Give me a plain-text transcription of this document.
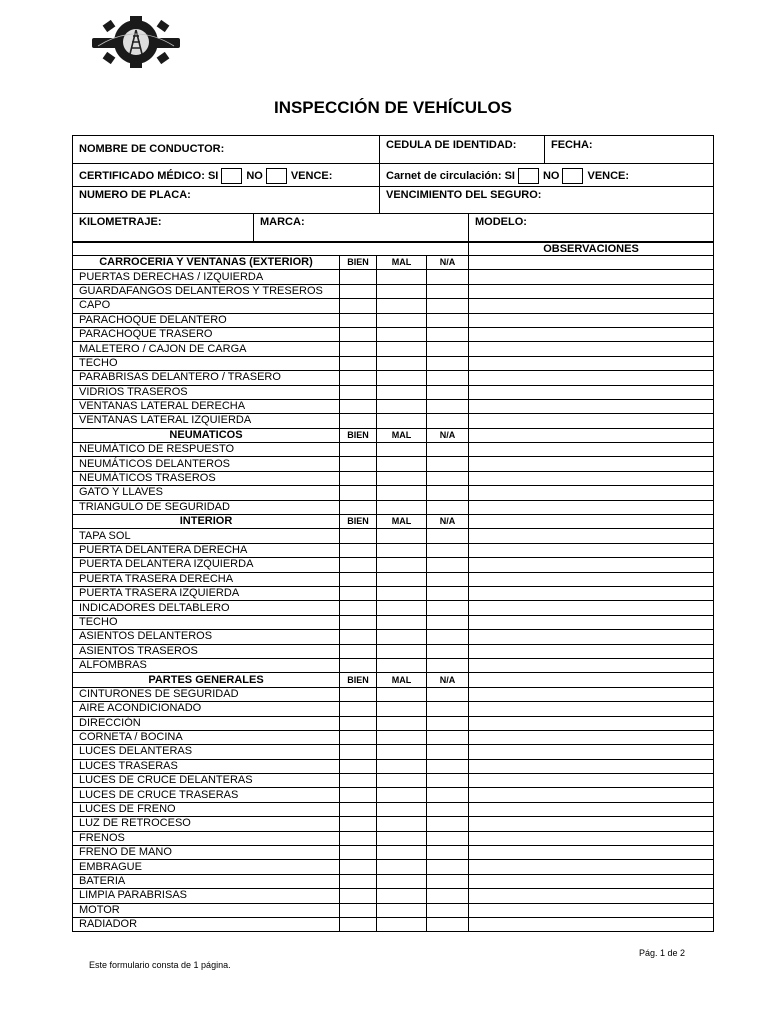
INSPECCIÓN DE VEHÍCULOS
NOMBRE DE CONDUCTOR:	CEDULA DE IDENTIDAD:	FECHA:
CERTIFICADO MÉDICO: SI	NO	VENCE:	Carnet de circulación: SI	NO	VENCE:
NUMERO DE PLACA:	VENCIMIENTO DEL SEGURO:
KILOMETRAJE:	MARCA:	MODELO:
OBSERVACIONES
CARROCERIA Y VENTANAS (EXTERIOR)	BIEN	MAL	N/A	
PUERTAS DERECHAS / IZQUIERDA				
GUARDAFANGOS DELANTEROS Y TRESEROS				
CAPO				
PARACHOQUE DELANTERO				
PARACHOQUE TRASERO				
MALETERO / CAJON DE CARGA				
TECHO				
PARABRISAS DELANTERO / TRASERO				
VIDRIOS TRASEROS				
VENTANAS LATERAL DERECHA				
VENTANAS LATERAL IZQUIERDA				
NEUMATICOS	BIEN	MAL	N/A	
NEUMÁTICO DE RESPUESTO				
NEUMÁTICOS DELANTEROS				
NEUMÁTICOS TRASEROS				
GATO Y LLAVES				
TRIANGULO DE SEGURIDAD				
INTERIOR	BIEN	MAL	N/A	
TAPA SOL				
PUERTA DELANTERA DERECHA				
PUERTA DELANTERA IZQUIERDA				
PUERTA TRASERA DERECHA				
PUERTA TRASERA IZQUIERDA				
INDICADORES DELTABLERO				
TECHO				
ASIENTOS DELANTEROS				
ASIENTOS TRASEROS				
ALFOMBRAS				
PARTES GENERALES	BIEN	MAL	N/A	
CINTURONES DE SEGURIDAD				
AIRE ACONDICIONADO				
DIRECCIÓN				
CORNETA / BOCINA				
LUCES DELANTERAS				
LUCES TRASERAS				
LUCES DE CRUCE DELANTERAS				
LUCES DE CRUCE TRASERAS				
LUCES DE FRENO				
LUZ DE RETROCESO				
FRENOS				
FRENO DE MANO				
EMBRAGUE				
BATERIA				
LIMPIA PARABRISAS				
MOTOR				
RADIADOR				
Pág. 1 de 2
Este formulario consta de 1 página.
